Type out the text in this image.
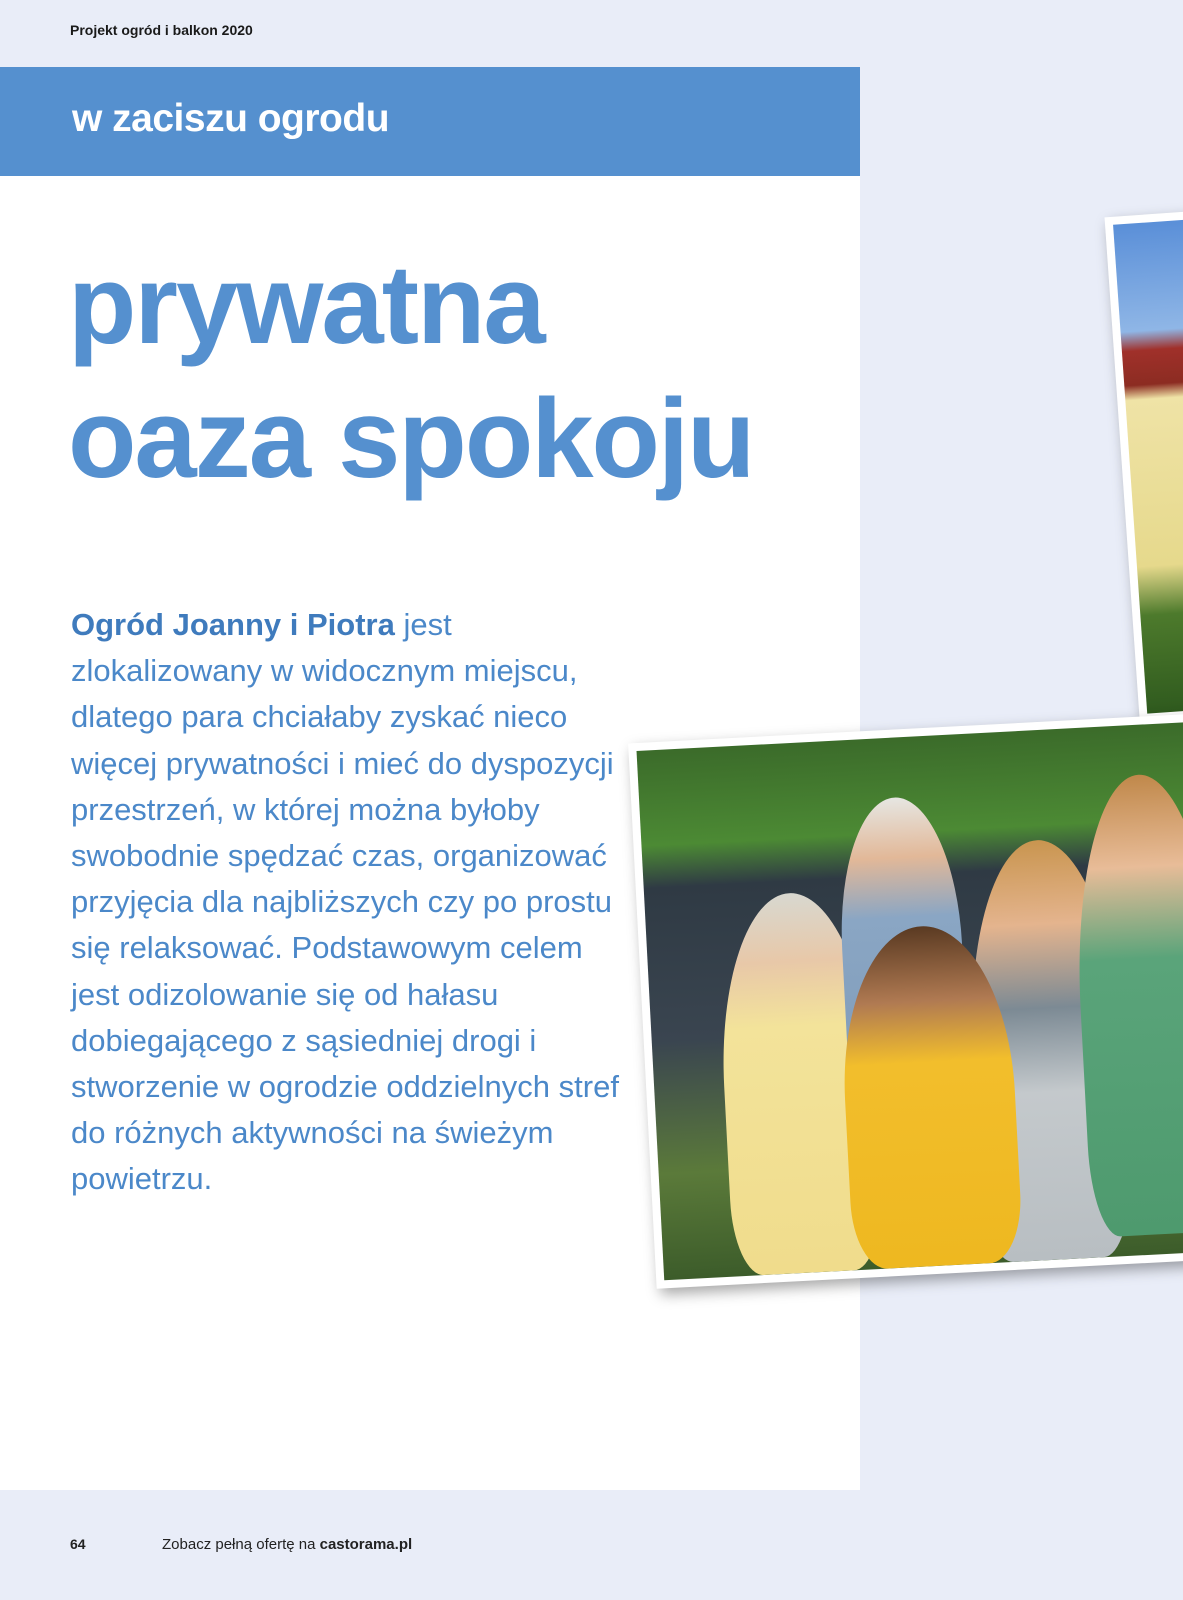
Projekt ogród i balkon 2020
w zaciszu ogrodu
prywatna
oaza spokoju

Ogród Joanny i Piotra jest zlokalizowany w widocznym miejscu, dlatego para chciałaby zyskać nieco więcej prywatności i mieć do dyspozycji przestrzeń, w której można byłoby swobodnie spędzać czas, organizować przyjęcia dla najbliższych czy po prostu się relaksować. Podstawowym celem jest odizolowanie się od hałasu dobiegającego z sąsiedniej drogi i stworzenie w ogrodzie oddzielnych stref do różnych aktywności na świeżym powietrzu.

64	Zobacz pełną ofertę na castorama.pl
